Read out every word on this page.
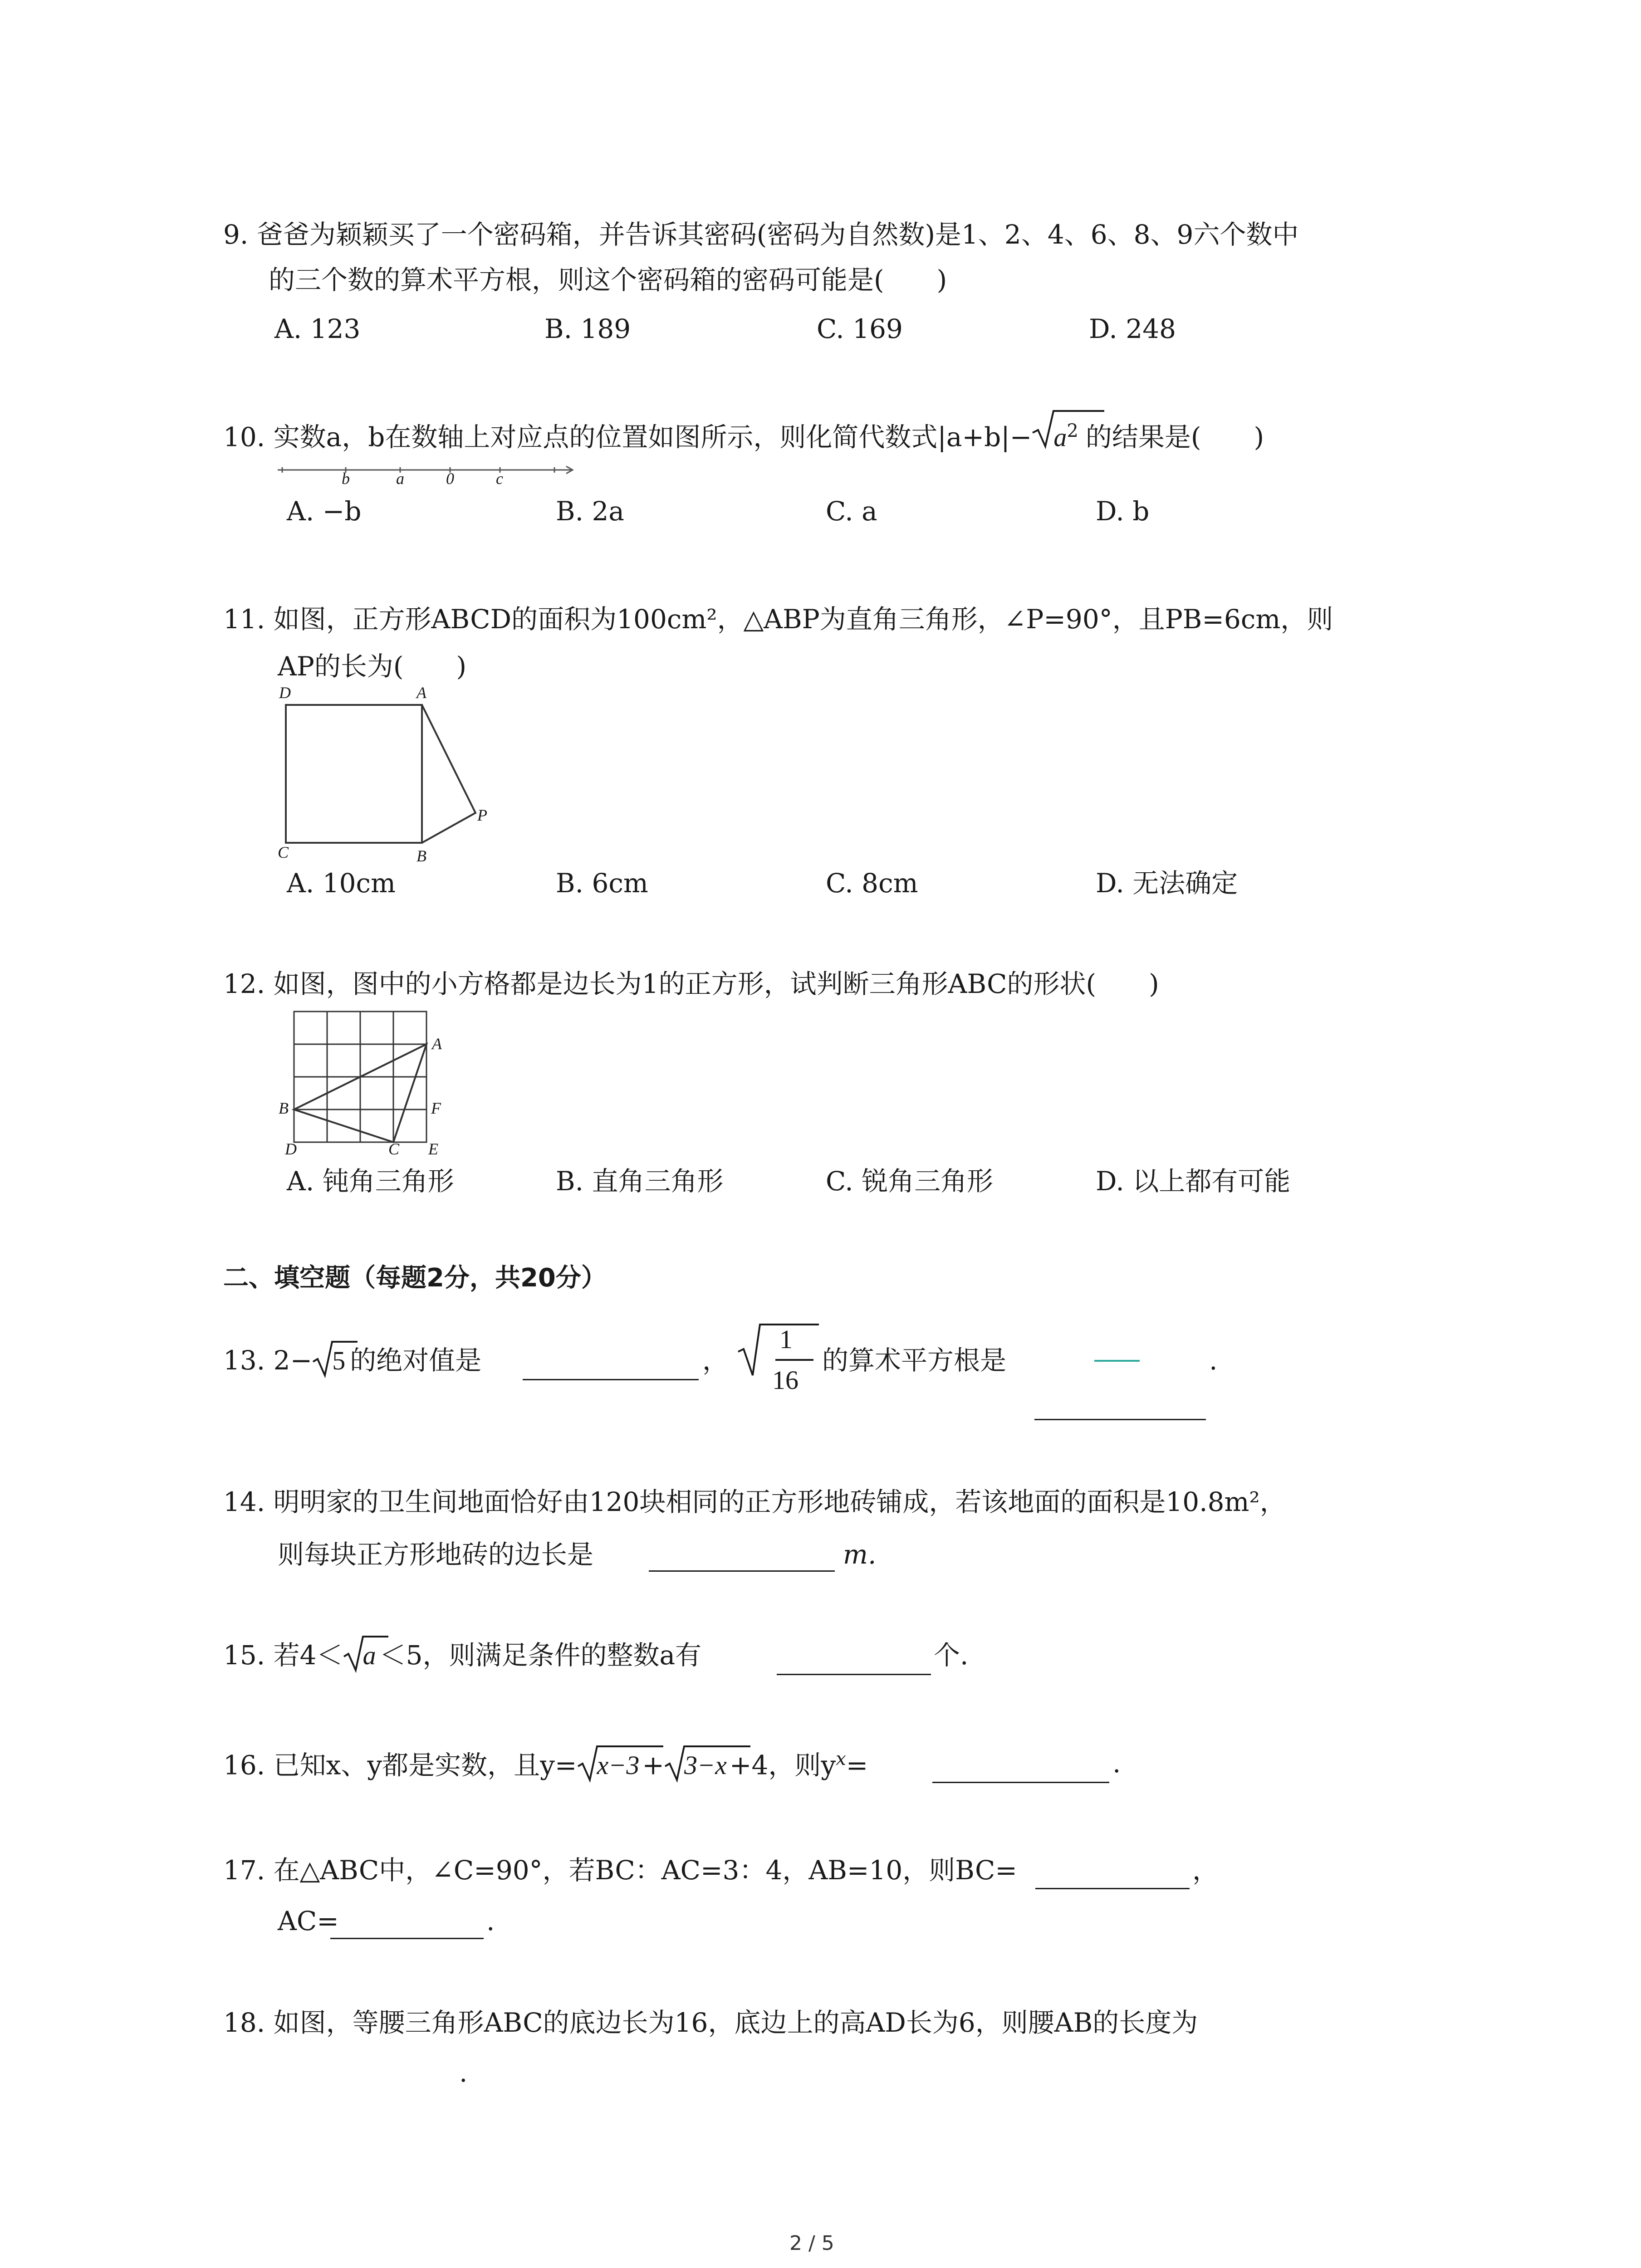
9. 爸爸为颖颖买了一个密码箱，并告诉其密码(密码为自然数)是1、2、4、6、8、9六个数中
的三个数的算术平方根，则这个密码箱的密码可能是(　　)
A. 123	B. 189	C. 169	D. 248
10. 实数a，b在数轴上对应点的位置如图所示，则化简代数式$|a+b|- a^2$ 的结果是(　　)
b	a	0	c
A. −b	B. 2a	C. a	D. b
11. 如图，正方形ABCD的面积为100cm²，△ABP为直角三角形，∠P=90°，且PB=6cm，则
AP的长为(　　)
D	A
C	B
P
A. 10cm	B. 6cm	C. 8cm	D. 无法确定
12. 如图，图中的小方格都是边长为1的正方形，试判断三角形ABC的形状(　　)
A
B	F
D	C E
A. 钝角三角形	B. 直角三角形	C. 锐角三角形	D. 以上都有可能
二、填空题（每题2分，共20分）
13. 2− 5 的绝对值是	，
1
16
的算术平方根是	.
14. 明明家的卫生间地面恰好由120块相同的正方形地砖铺成，若该地面的面积是10.8m²，
则每块正方形地砖的边长是	m.
15. 若4＜ a ＜5，则满足条件的整数a有	个.
16. 已知x、y都是实数，且y= x−3 + 3−x +4，则$y^x=$	.
17. 在△ABC中，∠C=90°，若BC：AC=3：4，AB=10，则BC=	，
AC=	.
18. 如图，等腰三角形ABC的底边长为16，底边上的高AD长为6，则腰AB的长度为
.
2 / 5
